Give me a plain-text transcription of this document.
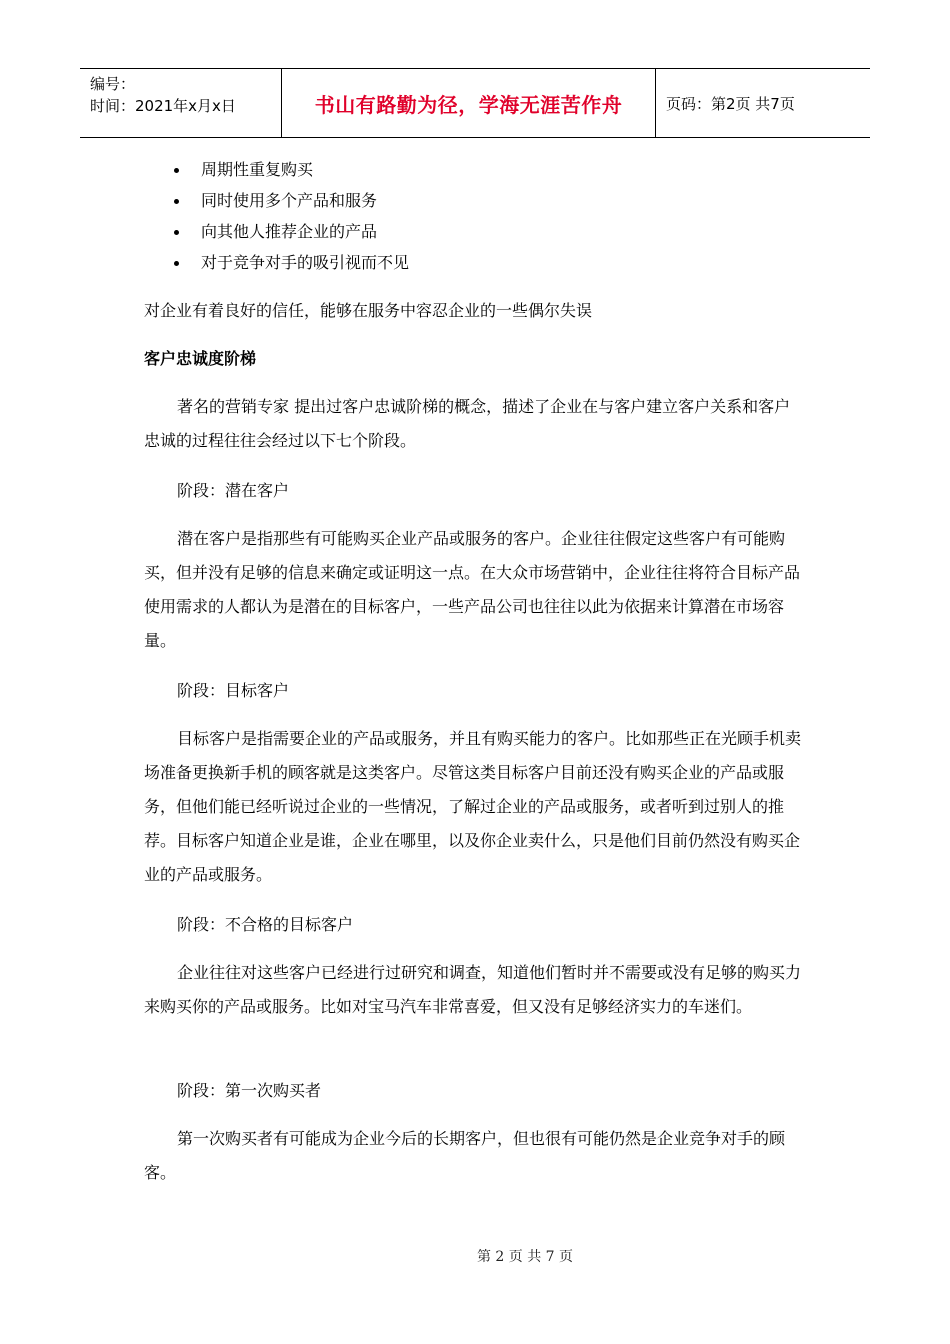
编号：
时间：2021年x月x日	书山有路勤为径，学海无涯苦作舟	页码：第2页 共7页
周期性重复购买
同时使用多个产品和服务
向其他人推荐企业的产品
对于竞争对手的吸引视而不见

对企业有着良好的信任，能够在服务中容忍企业的一些偶尔失误

客户忠诚度阶梯

著名的营销专家 提出过客户忠诚阶梯的概念，描述了企业在与客户建立客户关系和客户忠诚的过程往往会经过以下七个阶段。

阶段：潜在客户

潜在客户是指那些有可能购买企业产品或服务的客户。企业往往假定这些客户有可能购买，但并没有足够的信息来确定或证明这一点。在大众市场营销中，企业往往将符合目标产品使用需求的人都认为是潜在的目标客户，一些产品公司也往往以此为依据来计算潜在市场容量。

阶段：目标客户

目标客户是指需要企业的产品或服务，并且有购买能力的客户。比如那些正在光顾手机卖场准备更换新手机的顾客就是这类客户。尽管这类目标客户目前还没有购买企业的产品或服务，但他们能已经听说过企业的一些情况，了解过企业的产品或服务，或者听到过别人的推荐。目标客户知道企业是谁，企业在哪里，以及你企业卖什么，只是他们目前仍然没有购买企业的产品或服务。

阶段：不合格的目标客户

企业往往对这些客户已经进行过研究和调查，知道他们暂时并不需要或没有足够的购买力来购买你的产品或服务。比如对宝马汽车非常喜爱，但又没有足够经济实力的车迷们。

阶段：第一次购买者

第一次购买者有可能成为企业今后的长期客户，但也很有可能仍然是企业竞争对手的顾客。

第 2 页 共 7 页
